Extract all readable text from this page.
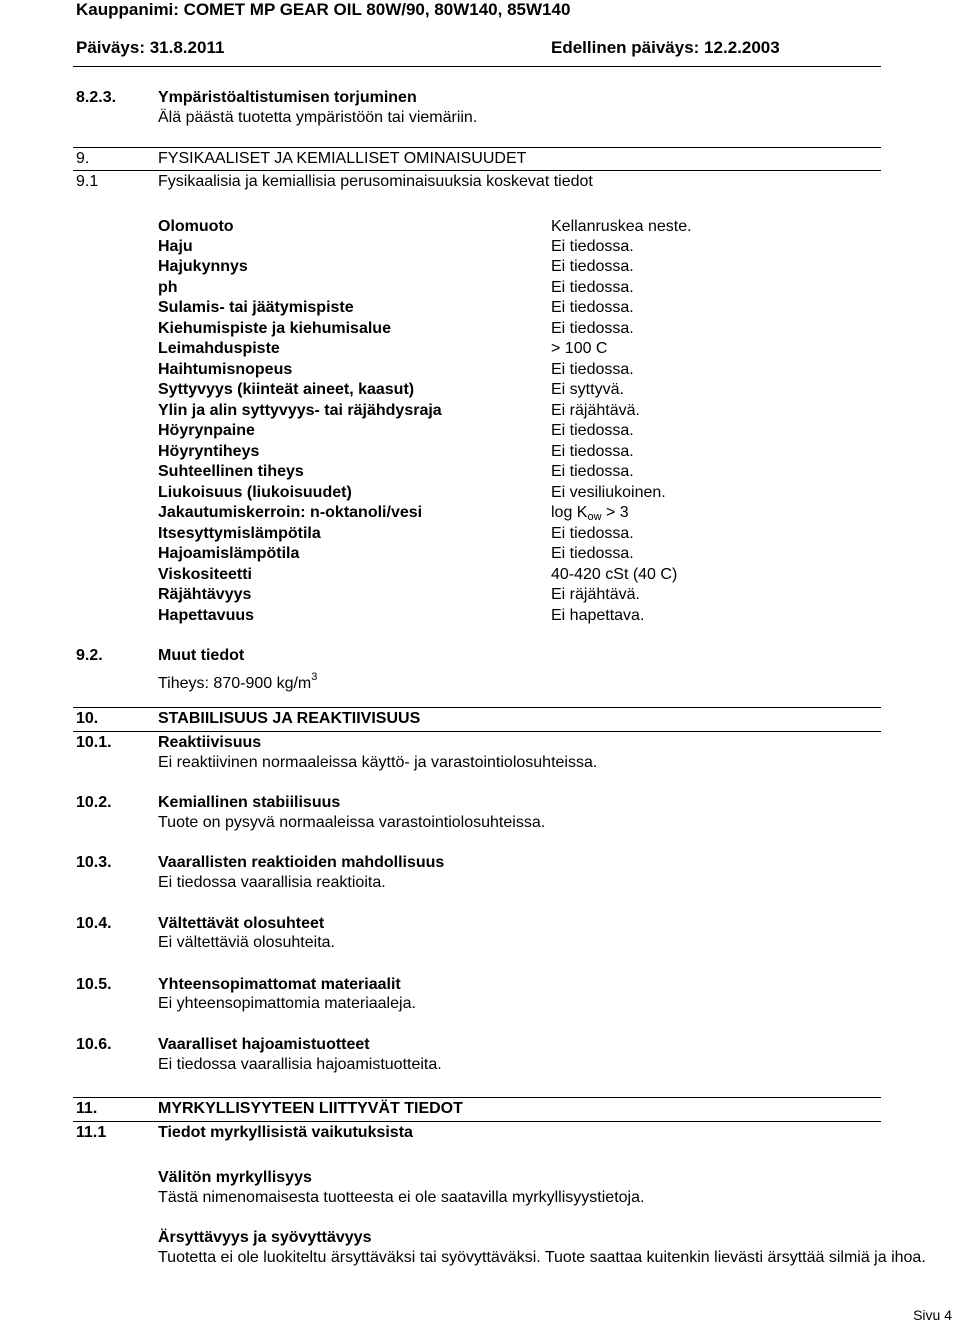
Kauppanimi: COMET MP GEAR OIL 80W/90, 80W140, 85W140
Päiväys: 31.8.2011	Edellinen päiväys: 12.2.2003
8.2.3.	Ympäristöaltistumisen torjuminen
Älä päästä tuotetta ympäristöön tai viemäriin.
9.	FYSIKAALISET JA KEMIALLISET OMINAISUUDET
9.1	Fysikaalisia ja kemiallisia perusominaisuuksia koskevat tiedot
Olomuoto	Kellanruskea neste.
Haju	Ei tiedossa.
Hajukynnys	Ei tiedossa.
ph	Ei tiedossa.
Sulamis- tai jäätymispiste	Ei tiedossa.
Kiehumispiste ja kiehumisalue	Ei tiedossa.
Leimahduspiste	> 100 C
Haihtumisnopeus	Ei tiedossa.
Syttyvyys (kiinteät aineet, kaasut)	Ei syttyvä.
Ylin ja alin syttyvyys- tai räjähdysraja	Ei räjähtävä.
Höyrynpaine	Ei tiedossa.
Höyryntiheys	Ei tiedossa.
Suhteellinen tiheys	Ei tiedossa.
Liukoisuus (liukoisuudet)	Ei vesiliukoinen.
Jakautumiskerroin: n-oktanoli/vesi	$\log K_{ow} > 3$
Itsesyttymislämpötila	Ei tiedossa.
Hajoamislämpötila	Ei tiedossa.
Viskositeetti	40-420 cSt (40 C)
Räjähtävyys	Ei räjähtävä.
Hapettavuus	Ei hapettava.
9.2.	Muut tiedot
Tiheys: 870-900 $kg/m^3$
10.	STABIILISUUS JA REAKTIIVISUUS
10.1.	Reaktiivisuus
Ei reaktiivinen normaaleissa käyttö- ja varastointiolosuhteissa.
10.2.	Kemiallinen stabiilisuus
Tuote on pysyvä normaaleissa varastointiolosuhteissa.
10.3.	Vaarallisten reaktioiden mahdollisuus
Ei tiedossa vaarallisia reaktioita.
10.4.	Vältettävät olosuhteet
Ei vältettäviä olosuhteita.
10.5.	Yhteensopimattomat materiaalit
Ei yhteensopimattomia materiaaleja.
10.6.	Vaaralliset hajoamistuotteet
Ei tiedossa vaarallisia hajoamistuotteita.
11.	MYRKYLLISYYTEEN LIITTYVÄT TIEDOT
11.1	Tiedot myrkyllisistä vaikutuksista
Välitön myrkyllisyys
Tästä nimenomaisesta tuotteesta ei ole saatavilla myrkyllisyystietoja.
Ärsyttävyys ja syövyttävyys
Tuotetta ei ole luokiteltu ärsyttäväksi tai syövyttäväksi. Tuote saattaa kuitenkin lievästi ärsyttää silmiä ja ihoa.
Sivu 4
